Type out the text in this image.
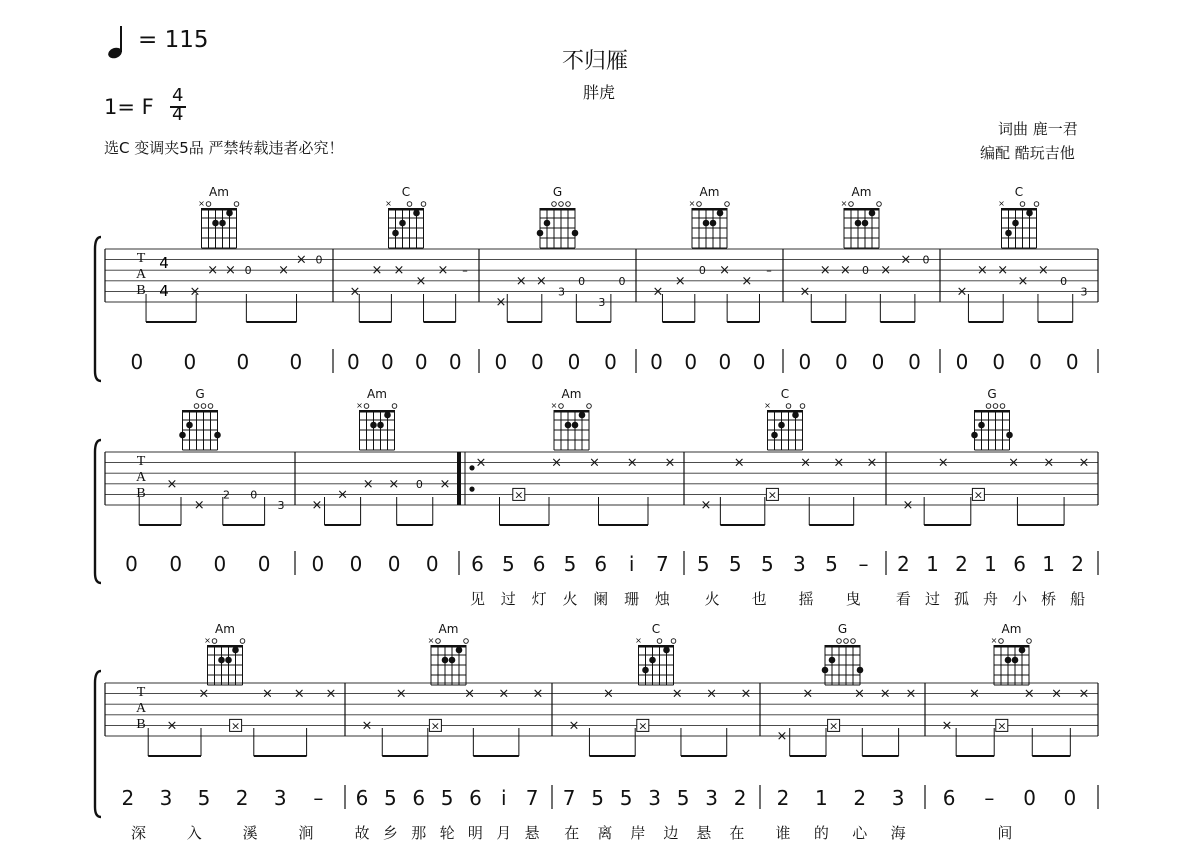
= 115
不归雁
胖虎
1= F 4
4
选C 变调夹5品 严禁转载违者必究！
词曲 鹿一君
编配 酷玩吉他
T
A
B
4
4
Am
×
×
× × 0 ×
× 0
0 0 0 0
C
×
×
× ×
×
× –
0 0 0 0
G
×
× ×
3
0
3
0
0 0 0 0
Am
×
×
×
0 ×
×
–
0 0 0 0
Am
×
×
× × 0 ×
× 0
0 0 0 0
C
×
×
× ×
×
×
0
3
0 0 0 0
T
A
B
G
×
×
2 0
3
0 0 0 0
Am
×
×
×
× × 0 ×
0 0 0 0
Am
×
×
×
× × × ×
6 5 6 5 6 i 7
见 过 灯 火 阑 珊 烛
C
×
×
×
×
× × ×
5 5 5 3 5 –
火 也 摇 曳
G
×
×
×
× × ×
2 1 2 1 6 1 2
看 过 孤 舟 小 桥 船
T
A
B
Am
×
×
×
×
× × ×
2 3 5 2 3 –
深	入	溪	涧
Am
×
×
×
×
× × ×
6 5 6 5 6 i 7
故 乡 那 轮 明 月 悬
C
×
×
×
×
× × ×
7 5 5 3 5 3 2
在 离 岸 边 悬 在
G
×
×
×
× × ×
2 1 2 3
谁 的 心 海
Am
×
×
×
×
× × ×
6 – 0 0
间
